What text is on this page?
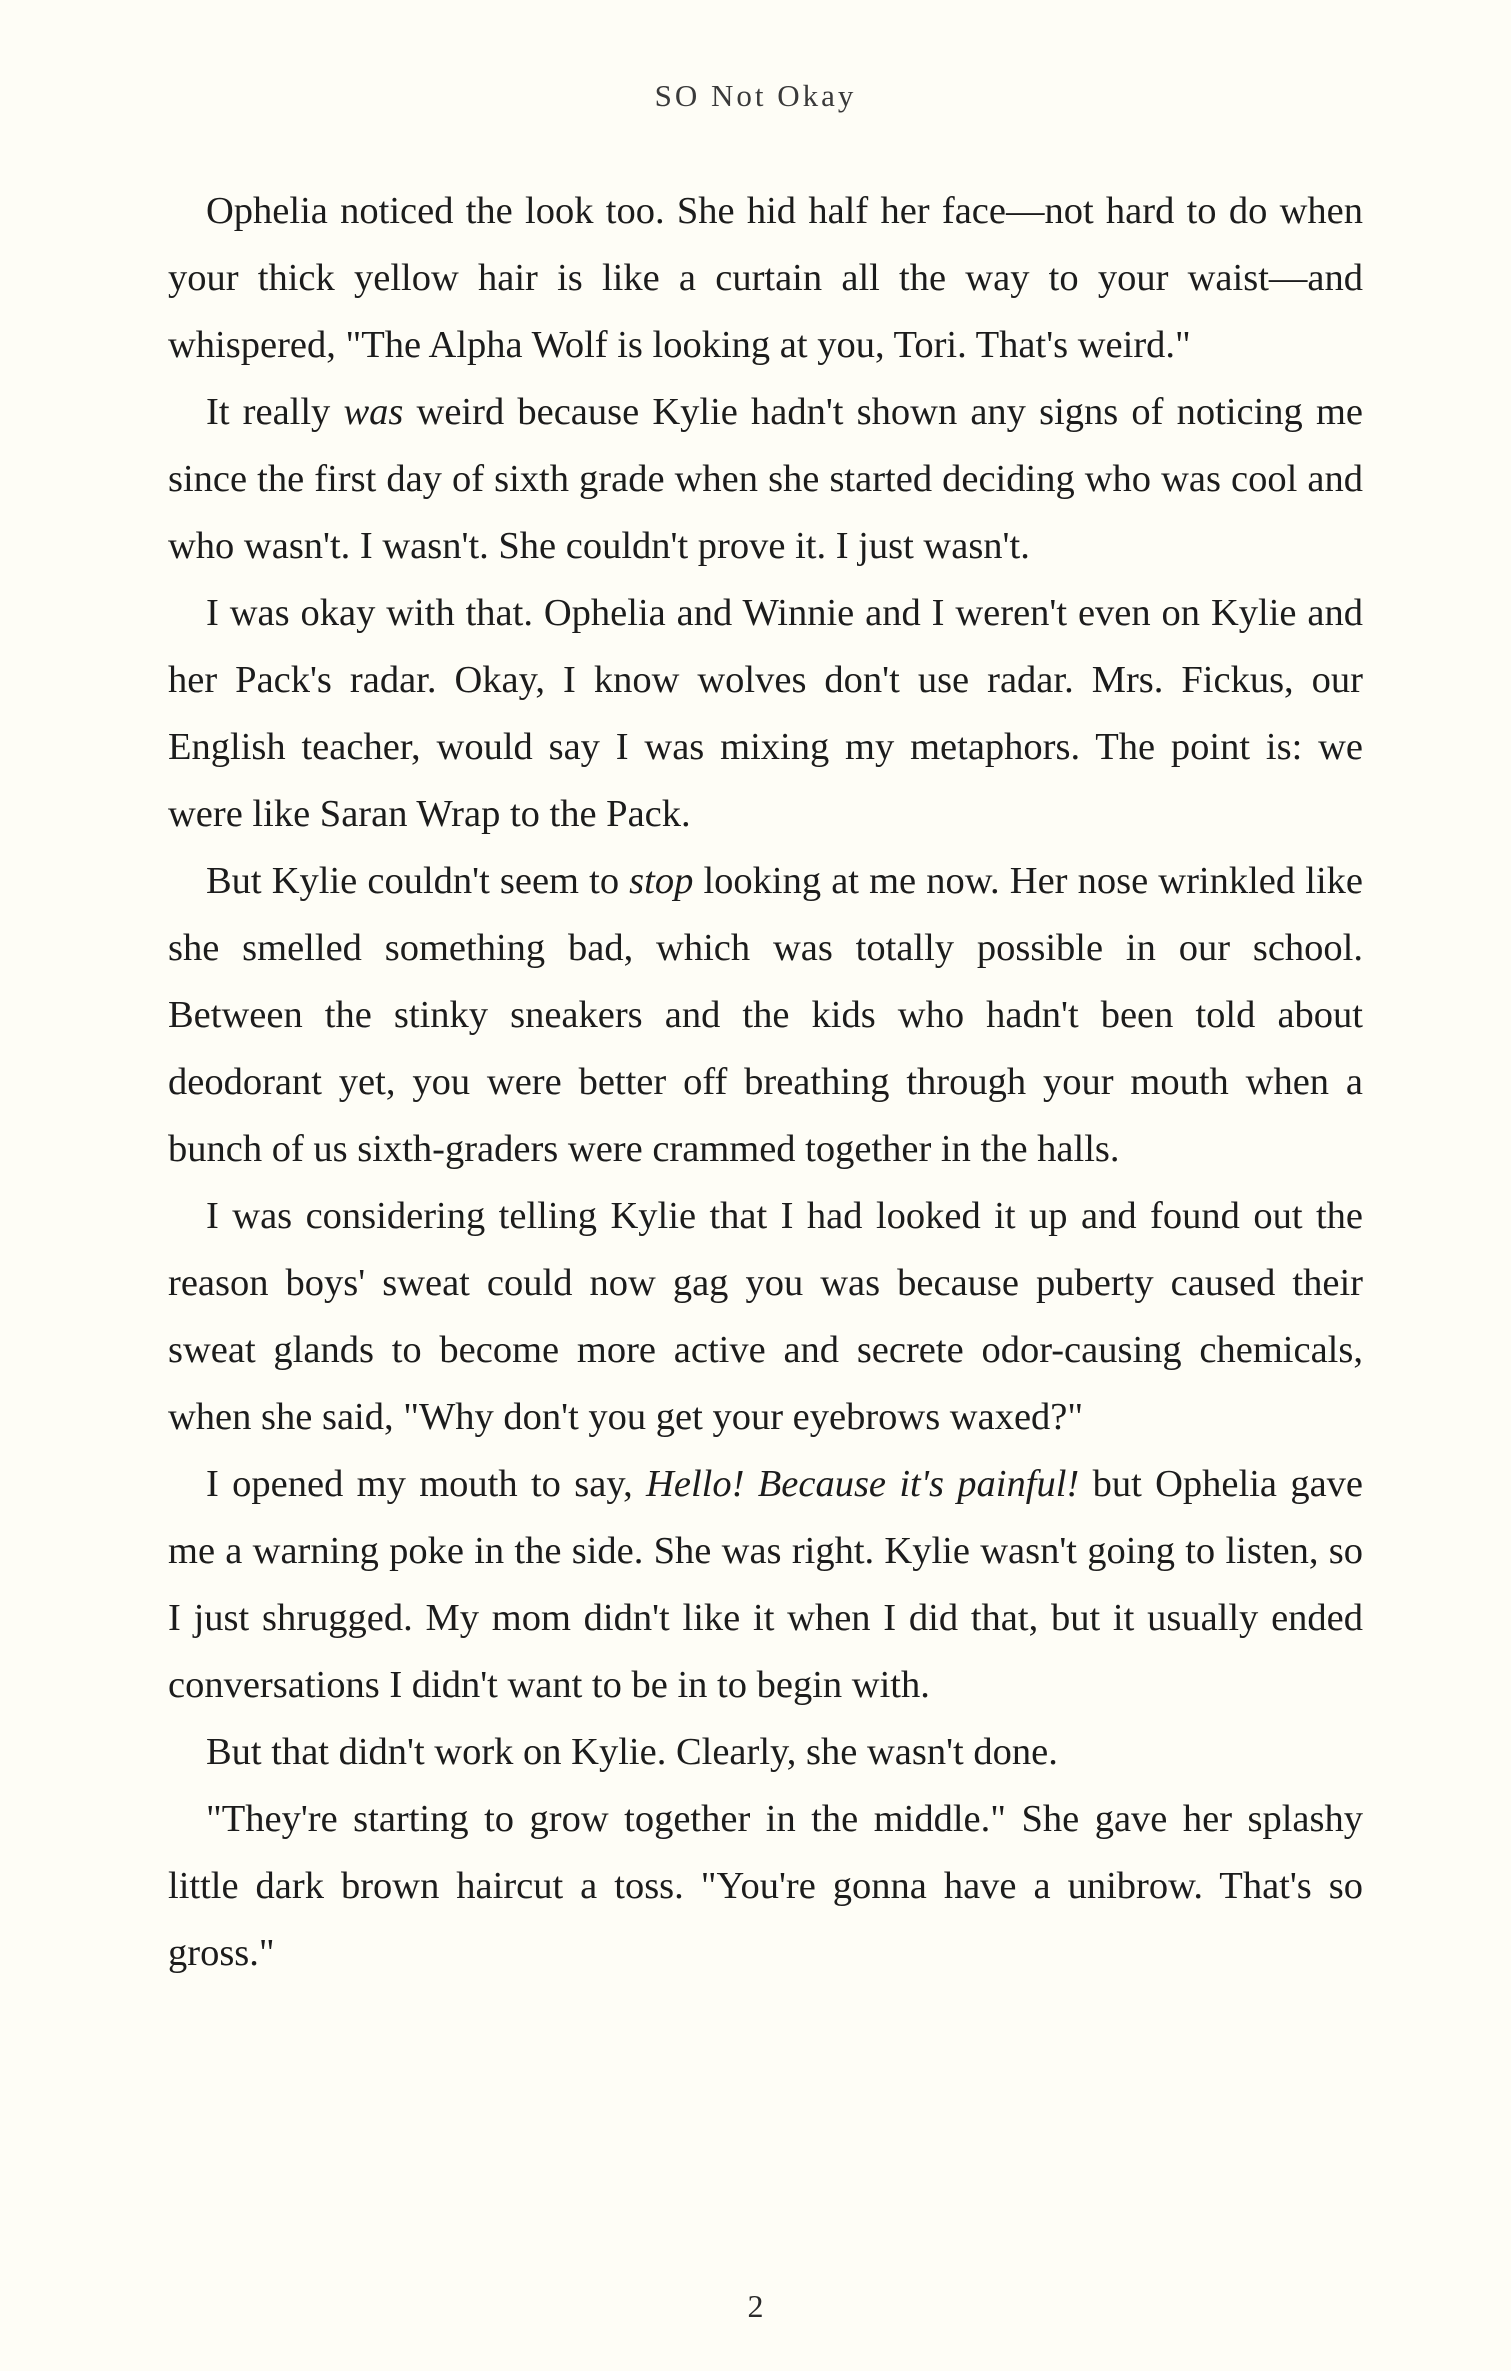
SO Not Okay

Ophelia noticed the look too. She hid half her face—not hard to do when your thick yellow hair is like a curtain all the way to your waist—and whispered, "The Alpha Wolf is looking at you, Tori. That's weird."

It really was weird because Kylie hadn't shown any signs of noticing me since the first day of sixth grade when she started deciding who was cool and who wasn't. I wasn't. She couldn't prove it. I just wasn't.

I was okay with that. Ophelia and Winnie and I weren't even on Kylie and her Pack's radar. Okay, I know wolves don't use radar. Mrs. Fickus, our English teacher, would say I was mixing my metaphors. The point is: we were like Saran Wrap to the Pack.

But Kylie couldn't seem to stop looking at me now. Her nose wrinkled like she smelled something bad, which was totally possible in our school. Between the stinky sneakers and the kids who hadn't been told about deodorant yet, you were better off breathing through your mouth when a bunch of us sixth-graders were crammed together in the halls.

I was considering telling Kylie that I had looked it up and found out the reason boys' sweat could now gag you was because puberty caused their sweat glands to become more active and secrete odor-causing chemicals, when she said, "Why don't you get your eyebrows waxed?"

I opened my mouth to say, Hello! Because it's painful! but Ophelia gave me a warning poke in the side. She was right. Kylie wasn't going to listen, so I just shrugged. My mom didn't like it when I did that, but it usually ended conversations I didn't want to be in to begin with.

But that didn't work on Kylie. Clearly, she wasn't done.

"They're starting to grow together in the middle." She gave her splashy little dark brown haircut a toss. "You're gonna have a unibrow. That's so gross."

2
